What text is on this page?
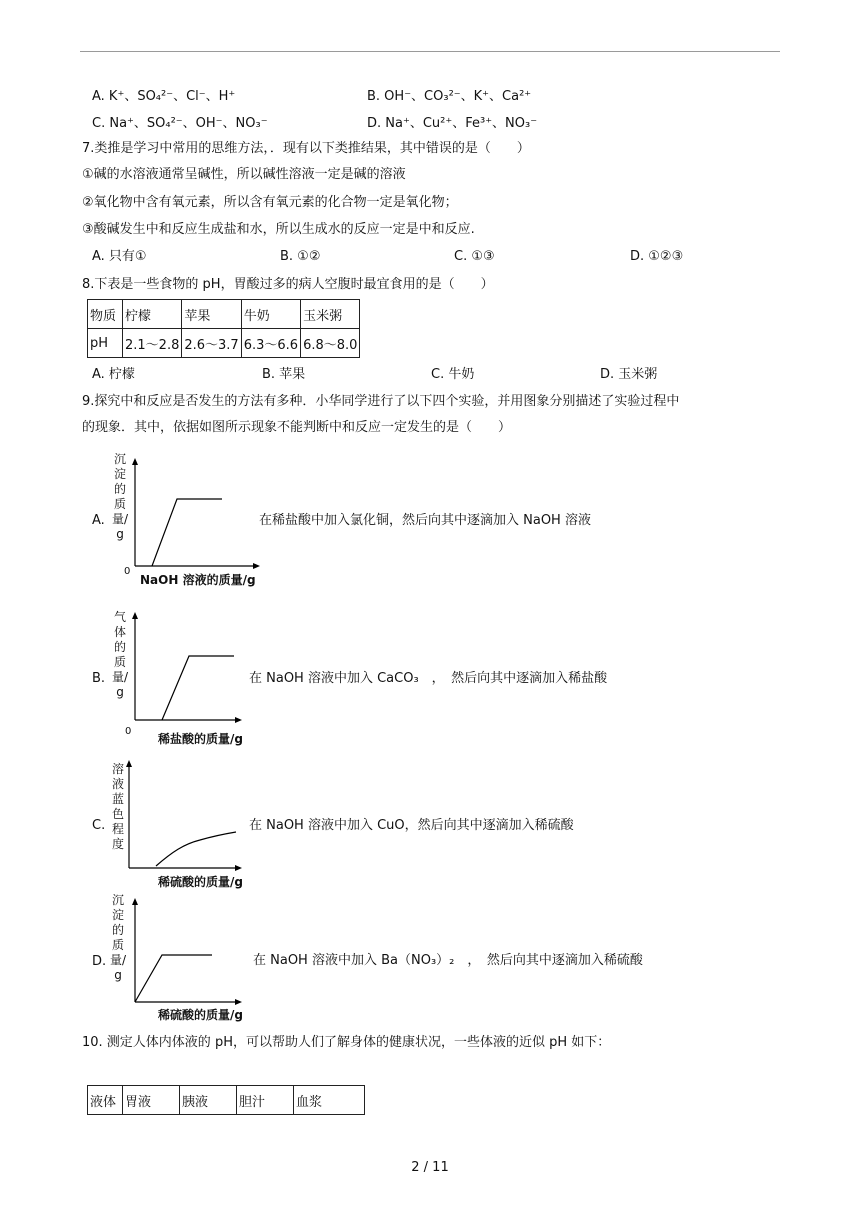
A. K⁺、SO₄²⁻、Cl⁻、H⁺	B. OH⁻、CO₃²⁻、K⁺、Ca²⁺
C. Na⁺、SO₄²⁻、OH⁻、NO₃⁻	D. Na⁺、Cu²⁺、Fe³⁺、NO₃⁻
7.类推是学习中常用的思维方法，．现有以下类推结果，其中错误的是（　　）
①碱的水溶液通常呈碱性，所以碱性溶液一定是碱的溶液
②氧化物中含有氧元素，所以含有氧元素的化合物一定是氧化物；
③酸碱发生中和反应生成盐和水，所以生成水的反应一定是中和反应.
A. 只有①	B. ①②	C. ①③	D. ①②③
8.下表是一些食物的 pH，胃酸过多的病人空腹时最宜食用的是（　　）
物质	柠檬	苹果	牛奶	玉米粥
pH	2.1～2.8	2.6～3.7	6.3～6.6	6.8～8.0
A. 柠檬	B. 苹果	C. 牛奶	D. 玉米粥
9.探究中和反应是否发生的方法有多种．小华同学进行了以下四个实验，并用图象分别描述了实验过程中
的现象．其中，依据如图所示现象不能判断中和反应一定发生的是（　　）
A.
沉淀的质量/g
0
NaOH 溶液的质量/g
在稀盐酸中加入氯化铜，然后向其中逐滴加入 NaOH 溶液
B.
气体的质量/g
0
稀盐酸的质量/g
在 NaOH 溶液中加入 CaCO₃　，　然后向其中逐滴加入稀盐酸
C.
溶液蓝色程度
稀硫酸的质量/g
在 NaOH 溶液中加入 CuO，然后向其中逐滴加入稀硫酸
D.
沉淀的质量/g
稀硫酸的质量/g
在 NaOH 溶液中加入 Ba（NO₃）₂　，　然后向其中逐滴加入稀硫酸
10. 测定人体内体液的 pH，可以帮助人们了解身体的健康状况，一些体液的近似 pH 如下：
液体	胃液	胰液	胆汁	血浆
2 / 11
